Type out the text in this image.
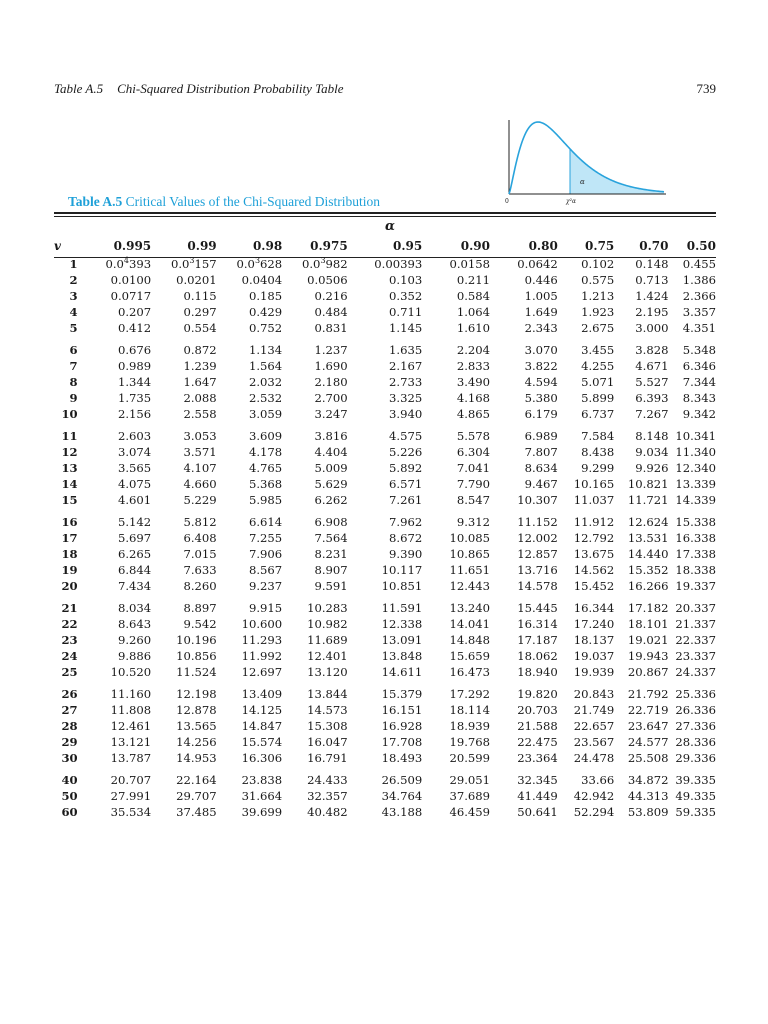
Table A.5 Chi-Squared Distribution Probability Table	739
α
0	χ²α
Table A.5 Critical Values of the Chi-Squared Distribution
α
v	0.995	0.99	0.98	0.975	0.95	0.90	0.80	0.75	0.70	0.50
1	$0.0^4393$	$0.0^3157$	$0.0^3628$	$0.0^3982$	0.00393	0.0158	0.0642	0.102	0.148	0.455
2	0.0100	0.0201	0.0404	0.0506	0.103	0.211	0.446	0.575	0.713	1.386
3	0.0717	0.115	0.185	0.216	0.352	0.584	1.005	1.213	1.424	2.366
4	0.207	0.297	0.429	0.484	0.711	1.064	1.649	1.923	2.195	3.357
5	0.412	0.554	0.752	0.831	1.145	1.610	2.343	2.675	3.000	4.351
6	0.676	0.872	1.134	1.237	1.635	2.204	3.070	3.455	3.828	5.348
7	0.989	1.239	1.564	1.690	2.167	2.833	3.822	4.255	4.671	6.346
8	1.344	1.647	2.032	2.180	2.733	3.490	4.594	5.071	5.527	7.344
9	1.735	2.088	2.532	2.700	3.325	4.168	5.380	5.899	6.393	8.343
10	2.156	2.558	3.059	3.247	3.940	4.865	6.179	6.737	7.267	9.342
11	2.603	3.053	3.609	3.816	4.575	5.578	6.989	7.584	8.148	10.341
12	3.074	3.571	4.178	4.404	5.226	6.304	7.807	8.438	9.034	11.340
13	3.565	4.107	4.765	5.009	5.892	7.041	8.634	9.299	9.926	12.340
14	4.075	4.660	5.368	5.629	6.571	7.790	9.467	10.165	10.821	13.339
15	4.601	5.229	5.985	6.262	7.261	8.547	10.307	11.037	11.721	14.339
16	5.142	5.812	6.614	6.908	7.962	9.312	11.152	11.912	12.624	15.338
17	5.697	6.408	7.255	7.564	8.672	10.085	12.002	12.792	13.531	16.338
18	6.265	7.015	7.906	8.231	9.390	10.865	12.857	13.675	14.440	17.338
19	6.844	7.633	8.567	8.907	10.117	11.651	13.716	14.562	15.352	18.338
20	7.434	8.260	9.237	9.591	10.851	12.443	14.578	15.452	16.266	19.337
21	8.034	8.897	9.915	10.283	11.591	13.240	15.445	16.344	17.182	20.337
22	8.643	9.542	10.600	10.982	12.338	14.041	16.314	17.240	18.101	21.337
23	9.260	10.196	11.293	11.689	13.091	14.848	17.187	18.137	19.021	22.337
24	9.886	10.856	11.992	12.401	13.848	15.659	18.062	19.037	19.943	23.337
25	10.520	11.524	12.697	13.120	14.611	16.473	18.940	19.939	20.867	24.337
26	11.160	12.198	13.409	13.844	15.379	17.292	19.820	20.843	21.792	25.336
27	11.808	12.878	14.125	14.573	16.151	18.114	20.703	21.749	22.719	26.336
28	12.461	13.565	14.847	15.308	16.928	18.939	21.588	22.657	23.647	27.336
29	13.121	14.256	15.574	16.047	17.708	19.768	22.475	23.567	24.577	28.336
30	13.787	14.953	16.306	16.791	18.493	20.599	23.364	24.478	25.508	29.336
40	20.707	22.164	23.838	24.433	26.509	29.051	32.345	33.66	34.872	39.335
50	27.991	29.707	31.664	32.357	34.764	37.689	41.449	42.942	44.313	49.335
60	35.534	37.485	39.699	40.482	43.188	46.459	50.641	52.294	53.809	59.335
